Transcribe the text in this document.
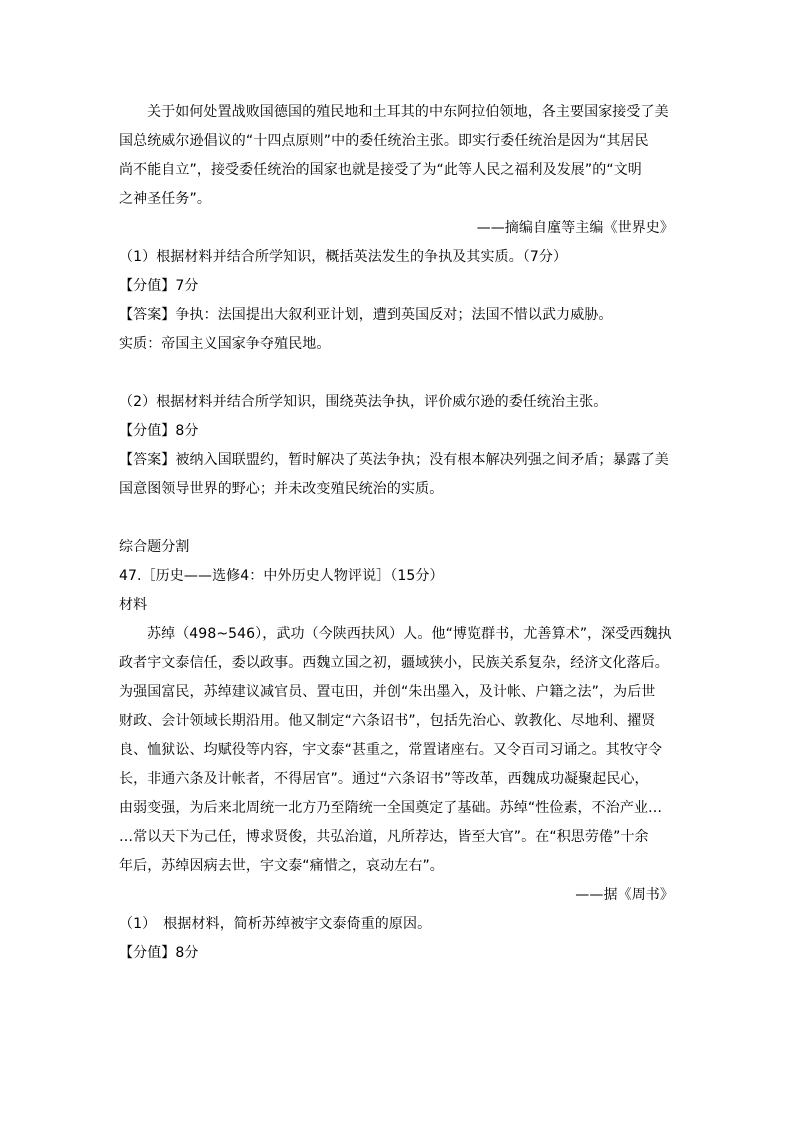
关于如何处置战败国德国的殖民地和土耳其的中东阿拉伯领地，各主要国家接受了美

国总统威尔逊倡议的“十四点原则”中的委任统治主张。即实行委任统治是因为“其居民

尚不能自立”，接受委任统治的国家也就是接受了为“此等人民之福利及发展”的“文明

之神圣任务”。

——摘编自廑等主编《世界史》

（1）根据材料并结合所学知识，概括英法发生的争执及其实质。（7分）

【分值】7分

【答案】争执：法国提出大叙利亚计划，遭到英国反对；法国不惜以武力威胁。

实质：帝国主义国家争夺殖民地。

（2）根据材料并结合所学知识，围绕英法争执，评价威尔逊的委任统治主张。

【分值】8分

【答案】被纳入国联盟约，暂时解决了英法争执；没有根本解决列强之间矛盾；暴露了美

国意图领导世界的野心；并未改变殖民统治的实质。

综合题分割

47.［历史——选修4：中外历史人物评说］（15分）

材料

苏绰（498~546），武功（今陕西扶风）人。他“博览群书，尤善算术”，深受西魏执

政者宇文泰信任，委以政事。西魏立国之初，疆域狭小，民族关系复杂，经济文化落后。

为强国富民，苏绰建议减官员、置屯田，并创“朱出墨入，及计帐、户籍之法”，为后世

财政、会计领域长期沿用。他又制定“六条诏书”，包括先治心、敦教化、尽地利、擢贤

良、恤狱讼、均赋役等内容，宇文泰“甚重之，常置诸座右。又令百司习诵之。其牧守令

长，非通六条及计帐者，不得居官”。通过“六条诏书”等改革，西魏成功凝聚起民心，

由弱变强，为后来北周统一北方乃至隋统一全国奠定了基础。苏绰“性俭素，不治产业…

…常以天下为己任，博求贤俊，共弘治道，凡所荐达，皆至大官”。在“积思劳倦”十余

年后，苏绰因病去世，宇文泰“痛惜之，哀动左右”。

——据《周书》

（1）　根据材料，简析苏绰被宇文泰倚重的原因。

【分值】8分
